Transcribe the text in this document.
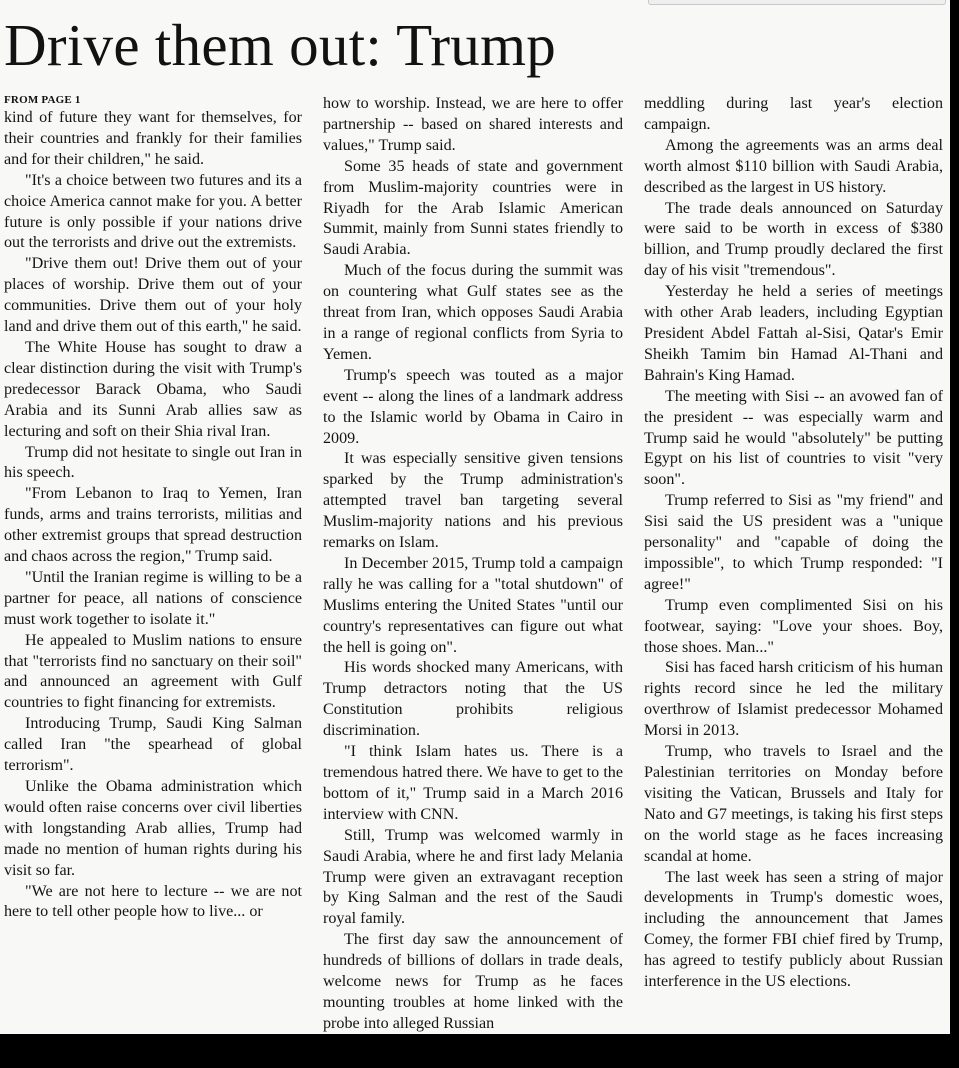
Drive them out: Trump
FROM PAGE 1

kind of future they want for themselves, for their countries and frankly for their families and for their children," he said.

"It's a choice between two futures and its a choice America cannot make for you. A better future is only possible if your nations drive out the terrorists and drive out the extremists.

"Drive them out! Drive them out of your places of worship. Drive them out of your communities. Drive them out of your holy land and drive them out of this earth," he said.

The White House has sought to draw a clear distinction during the visit with Trump's predecessor Barack Obama, who Saudi Arabia and its Sunni Arab allies saw as lecturing and soft on their Shia rival Iran.

Trump did not hesitate to single out Iran in his speech.

"From Lebanon to Iraq to Yemen, Iran funds, arms and trains terrorists, militias and other extremist groups that spread destruction and chaos across the region," Trump said.

"Until the Iranian regime is willing to be a partner for peace, all nations of conscience must work together to isolate it."

He appealed to Muslim nations to ensure that "terrorists find no sanctuary on their soil" and announced an agreement with Gulf countries to fight financing for extremists.

Introducing Trump, Saudi King Salman called Iran "the spearhead of global terrorism".

Unlike the Obama administration which would often raise concerns over civil liberties with longstanding Arab allies, Trump had made no mention of human rights during his visit so far.

"We are not here to lecture -- we are not here to tell other people how to live... or

how to worship. Instead, we are here to offer partnership -- based on shared interests and values," Trump said.

Some 35 heads of state and government from Muslim-majority countries were in Riyadh for the Arab Islamic American Summit, mainly from Sunni states friendly to Saudi Arabia.

Much of the focus during the summit was on countering what Gulf states see as the threat from Iran, which opposes Saudi Arabia in a range of regional conflicts from Syria to Yemen.

Trump's speech was touted as a major event -- along the lines of a landmark address to the Islamic world by Obama in Cairo in 2009.

It was especially sensitive given tensions sparked by the Trump administration's attempted travel ban targeting several Muslim-majority nations and his previous remarks on Islam.

In December 2015, Trump told a campaign rally he was calling for a "total shutdown" of Muslims entering the United States "until our country's representatives can figure out what the hell is going on".

His words shocked many Americans, with Trump detractors noting that the US Constitution prohibits religious discrimination.

"I think Islam hates us. There is a tremendous hatred there. We have to get to the bottom of it," Trump said in a March 2016 interview with CNN.

Still, Trump was welcomed warmly in Saudi Arabia, where he and first lady Melania Trump were given an extravagant reception by King Salman and the rest of the Saudi royal family.

The first day saw the announcement of hundreds of billions of dollars in trade deals, welcome news for Trump as he faces mounting troubles at home linked with the probe into alleged Russian

meddling during last year's election campaign.

Among the agreements was an arms deal worth almost $110 billion with Saudi Arabia, described as the largest in US history.

The trade deals announced on Saturday were said to be worth in excess of $380 billion, and Trump proudly declared the first day of his visit "tremendous".

Yesterday he held a series of meetings with other Arab leaders, including Egyptian President Abdel Fattah al-Sisi, Qatar's Emir Sheikh Tamim bin Hamad Al-Thani and Bahrain's King Hamad.

The meeting with Sisi -- an avowed fan of the president -- was especially warm and Trump said he would "absolutely" be putting Egypt on his list of countries to visit "very soon".

Trump referred to Sisi as "my friend" and Sisi said the US president was a "unique personality" and "capable of doing the impossible", to which Trump responded: "I agree!"

Trump even complimented Sisi on his footwear, saying: "Love your shoes. Boy, those shoes. Man..."

Sisi has faced harsh criticism of his human rights record since he led the military overthrow of Islamist predecessor Mohamed Morsi in 2013.

Trump, who travels to Israel and the Palestinian territories on Monday before visiting the Vatican, Brussels and Italy for Nato and G7 meetings, is taking his first steps on the world stage as he faces increasing scandal at home.

The last week has seen a string of major developments in Trump's domestic woes, including the announcement that James Comey, the former FBI chief fired by Trump, has agreed to testify publicly about Russian interference in the US elections.
